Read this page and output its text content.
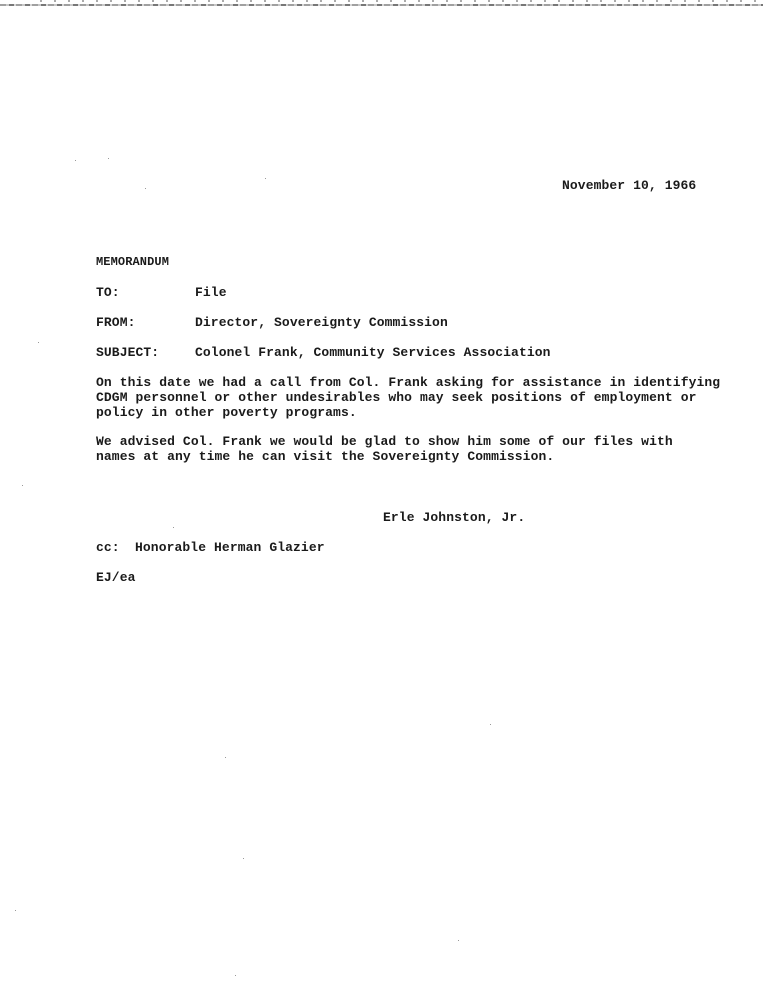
November 10, 1966
MEMORANDUM
TO:	File
FROM:	Director, Sovereignty Commission
SUBJECT:	Colonel Frank, Community Services Association
On this date we had a call from Col. Frank asking for assistance in identifying
CDGM personnel or other undesirables who may seek positions of employment or
policy in other poverty programs.
We advised Col. Frank we would be glad to show him some of our files with
names at any time he can visit the Sovereignty Commission.
Erle Johnston, Jr.
cc: Honorable Herman Glazier
EJ/ea
